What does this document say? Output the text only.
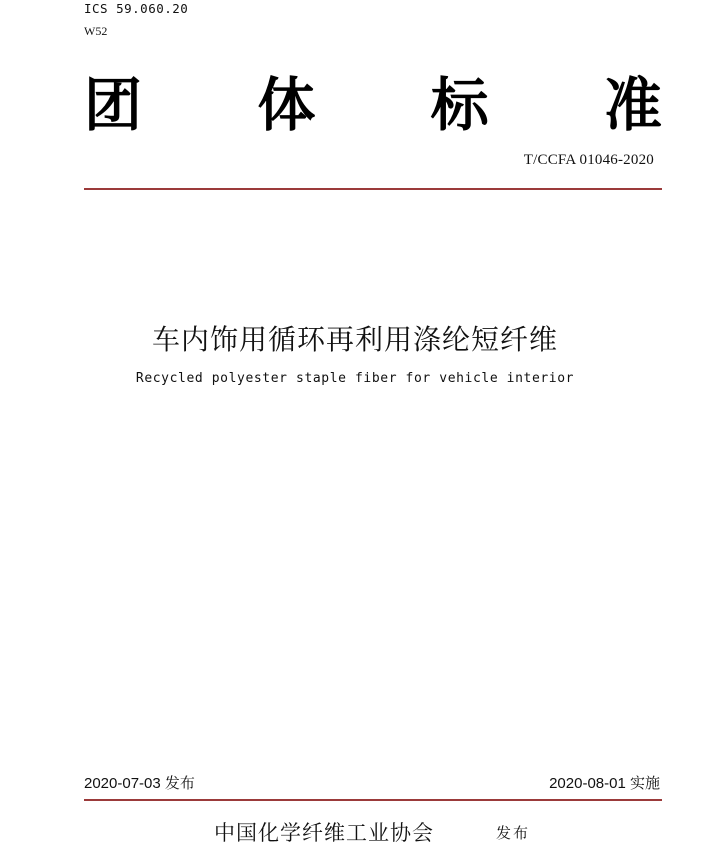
ICS 59.060.20
W52
团 体 标 准
T/CCFA 01046-2020
车内饰用循环再利用涤纶短纤维
Recycled polyester staple fiber for vehicle interior
2020-07-03 发布	2020-08-01 实施
中国化学纤维工业协会	发布
